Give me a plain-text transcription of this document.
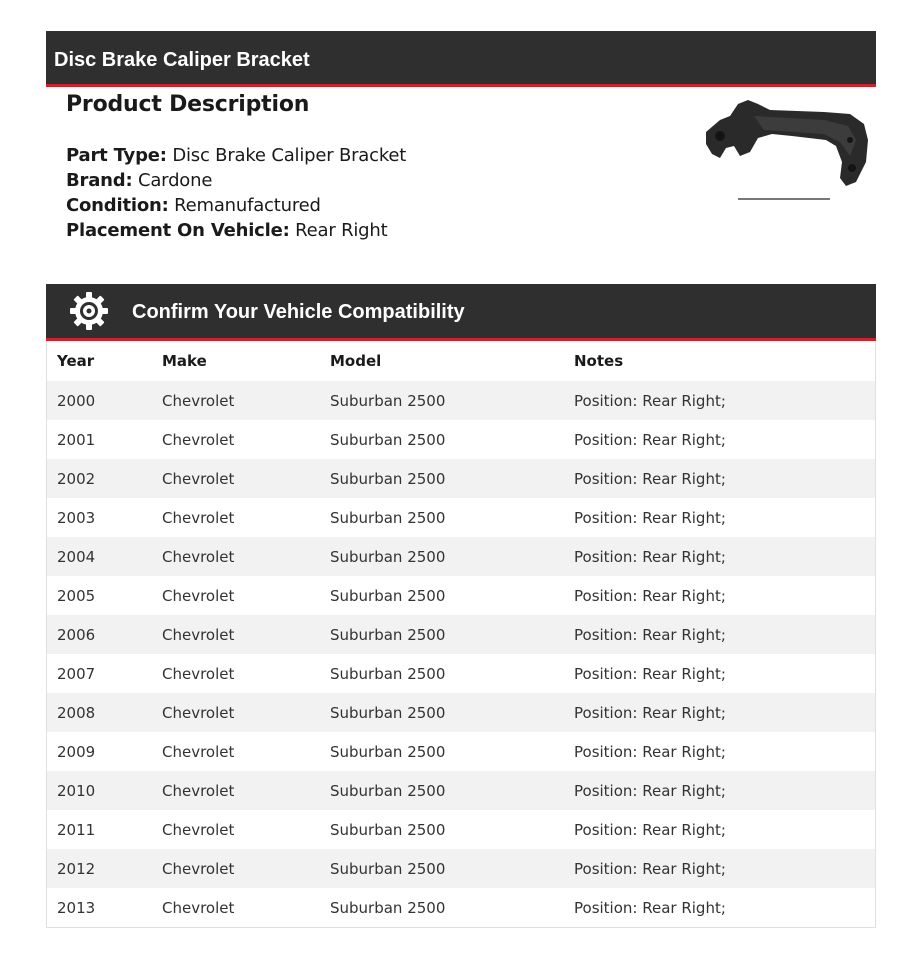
Disc Brake Caliper Bracket
Product Description
Part Type: Disc Brake Caliper Bracket
Brand: Cardone
Condition: Remanufactured
Placement On Vehicle: Rear Right
Confirm Your Vehicle Compatibility
Year	Make	Model	Notes
2000	Chevrolet	Suburban 2500	Position: Rear Right;
2001	Chevrolet	Suburban 2500	Position: Rear Right;
2002	Chevrolet	Suburban 2500	Position: Rear Right;
2003	Chevrolet	Suburban 2500	Position: Rear Right;
2004	Chevrolet	Suburban 2500	Position: Rear Right;
2005	Chevrolet	Suburban 2500	Position: Rear Right;
2006	Chevrolet	Suburban 2500	Position: Rear Right;
2007	Chevrolet	Suburban 2500	Position: Rear Right;
2008	Chevrolet	Suburban 2500	Position: Rear Right;
2009	Chevrolet	Suburban 2500	Position: Rear Right;
2010	Chevrolet	Suburban 2500	Position: Rear Right;
2011	Chevrolet	Suburban 2500	Position: Rear Right;
2012	Chevrolet	Suburban 2500	Position: Rear Right;
2013	Chevrolet	Suburban 2500	Position: Rear Right;
